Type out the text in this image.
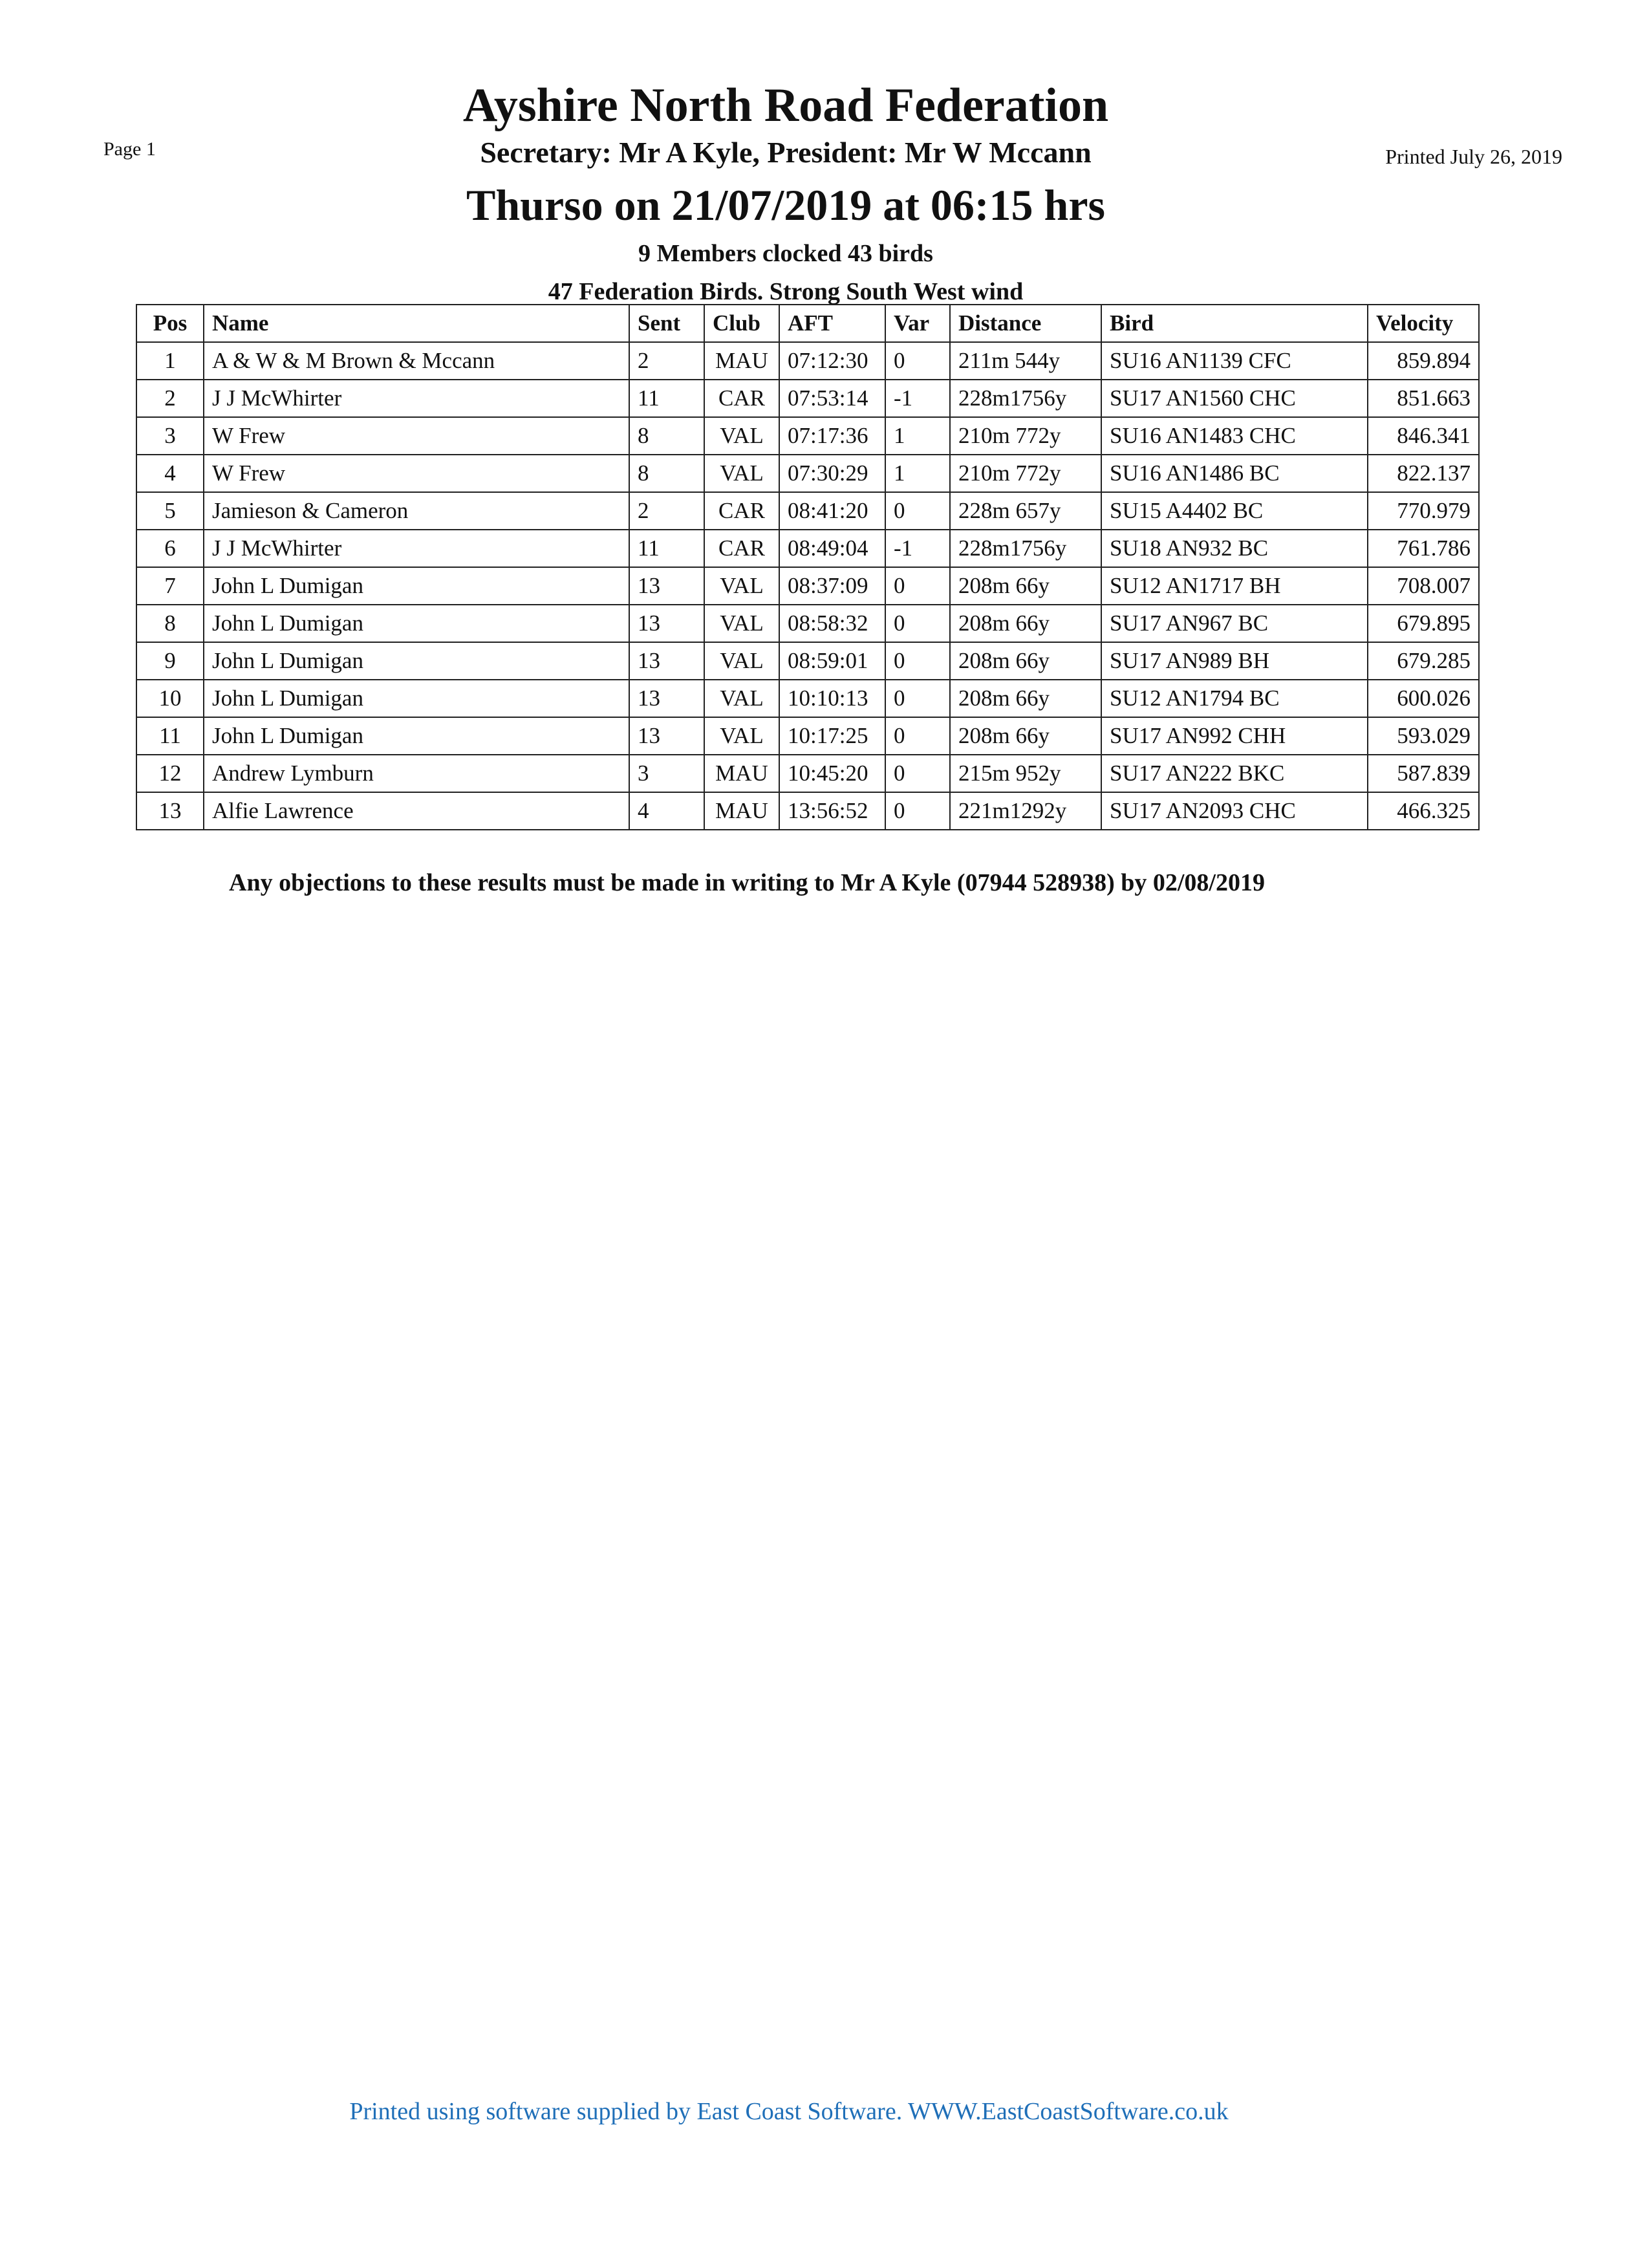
Page 1	Printed July 26, 2019
Ayshire North Road Federation
Secretary: Mr A Kyle, President: Mr W Mccann
Thurso on 21/07/2019 at 06:15 hrs
9 Members clocked 43 birds
47 Federation Birds. Strong South West wind
Pos	Name	Sent	Club	AFT	Var	Distance	Bird	Velocity
1	A & W & M Brown & Mccann	2	MAU	07:12:30	0	211m 544y	SU16 AN1139 CFC	859.894
2	J J McWhirter	11	CAR	07:53:14	-1	228m1756y	SU17 AN1560 CHC	851.663
3	W Frew	8	VAL	07:17:36	1	210m 772y	SU16 AN1483 CHC	846.341
4	W Frew	8	VAL	07:30:29	1	210m 772y	SU16 AN1486 BC	822.137
5	Jamieson & Cameron	2	CAR	08:41:20	0	228m 657y	SU15 A4402 BC	770.979
6	J J McWhirter	11	CAR	08:49:04	-1	228m1756y	SU18 AN932 BC	761.786
7	John L Dumigan	13	VAL	08:37:09	0	208m 66y	SU12 AN1717 BH	708.007
8	John L Dumigan	13	VAL	08:58:32	0	208m 66y	SU17 AN967 BC	679.895
9	John L Dumigan	13	VAL	08:59:01	0	208m 66y	SU17 AN989 BH	679.285
10	John L Dumigan	13	VAL	10:10:13	0	208m 66y	SU12 AN1794 BC	600.026
11	John L Dumigan	13	VAL	10:17:25	0	208m 66y	SU17 AN992 CHH	593.029
12	Andrew Lymburn	3	MAU	10:45:20	0	215m 952y	SU17 AN222 BKC	587.839
13	Alfie Lawrence	4	MAU	13:56:52	0	221m1292y	SU17 AN2093 CHC	466.325
Any objections to these results must be made in writing to Mr A Kyle (07944 528938) by 02/08/2019
Printed using software supplied by East Coast Software. WWW.EastCoastSoftware.co.uk
